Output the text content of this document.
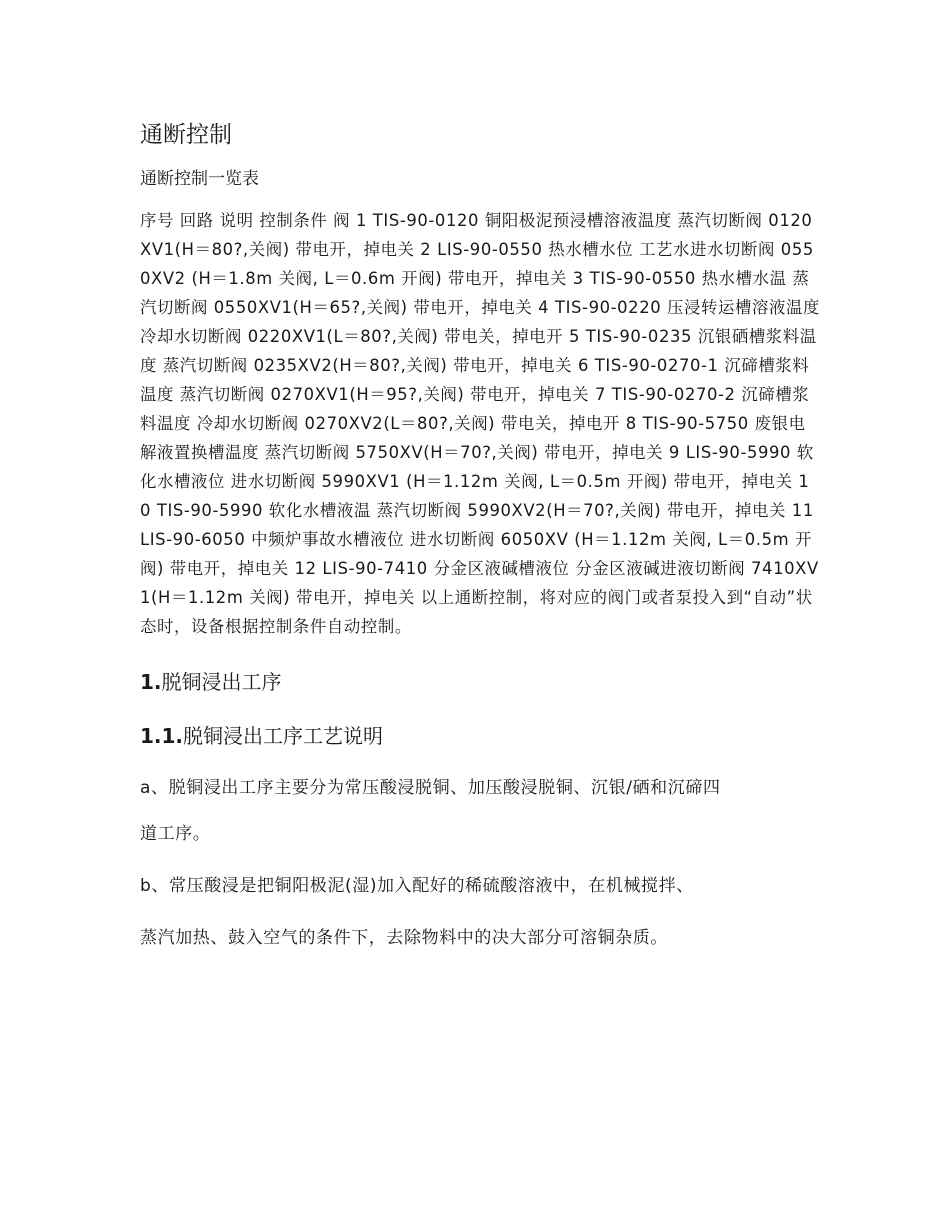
通断控制
通断控制一览表

序号 回路 说明 控制条件 阀 1 TIS-90-0120 铜阳极泥预浸槽溶液温度 蒸汽切断阀 0120XV1(H＝80?,关阀) 带电开，掉电关 2 LIS-90-0550 热水槽水位 工艺水进水切断阀 0550XV2 (H＝1.8m 关阀, L＝0.6m 开阀) 带电开，掉电关 3 TIS-90-0550 热水槽水温 蒸汽切断阀 0550XV1(H＝65?,关阀) 带电开，掉电关 4 TIS-90-0220 压浸转运槽溶液温度 冷却水切断阀 0220XV1(L＝80?,关阀) 带电关，掉电开 5 TIS-90-0235 沉银硒槽浆料温度 蒸汽切断阀 0235XV2(H＝80?,关阀) 带电开，掉电关 6 TIS-90-0270-1 沉碲槽浆料温度 蒸汽切断阀 0270XV1(H＝95?,关阀) 带电开，掉电关 7 TIS-90-0270-2 沉碲槽浆料温度 冷却水切断阀 0270XV2(L＝80?,关阀) 带电关，掉电开 8 TIS-90-5750 废银电解液置换槽温度 蒸汽切断阀 5750XV(H＝70?,关阀) 带电开，掉电关 9 LIS-90-5990 软化水槽液位 进水切断阀 5990XV1 (H＝1.12m 关阀, L＝0.5m 开阀) 带电开，掉电关 10 TIS-90-5990 软化水槽液温 蒸汽切断阀 5990XV2(H＝70?,关阀) 带电开，掉电关 11 LIS-90-6050 中频炉事故水槽液位 进水切断阀 6050XV (H＝1.12m 关阀, L＝0.5m 开阀) 带电开，掉电关 12 LIS-90-7410 分金区液碱槽液位 分金区液碱进液切断阀 7410XV1(H＝1.12m 关阀) 带电开，掉电关 以上通断控制，将对应的阀门或者泵投入到“自动”状态时，设备根据控制条件自动控制。

1.脱铜浸出工序
1.1.脱铜浸出工序工艺说明

a、脱铜浸出工序主要分为常压酸浸脱铜、加压酸浸脱铜、沉银/硒和沉碲四

道工序。

b、常压酸浸是把铜阳极泥(湿)加入配好的稀硫酸溶液中，在机械搅拌、

蒸汽加热、鼓入空气的条件下，去除物料中的决大部分可溶铜杂质。
